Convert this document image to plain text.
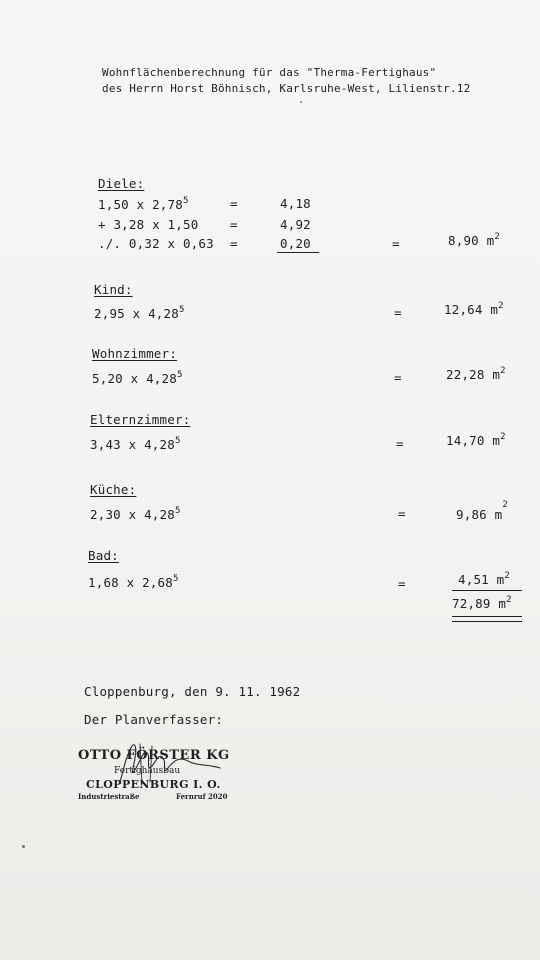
Wohnflächenberechnung für das "Therma-Fertighaus"
des Herrn Horst Böhnisch, Karlsruhe-West, Lilienstr.12
Diele:
1,50 x $2,78^5$	=	4,18
+ 3,28 x 1,50	=	4,92
./. 0,32 x 0,63 =	0,20	=	8,90 $m^2$
Kind:
2,95 x $4,28^5$	=	12,64 $m^2$
Wohnzimmer:
5,20 x $4,28^5$	=	22,28 $m^2$
Elternzimmer:
3,43 x $4,28^5$	=	14,70 $m^2$
Küche:
2,30 x $4,28^5$	=	9,86 $m^2$
Bad:
1,68 x $2,68^5$	=	4,51 $m^2$
72,89 $m^2$
Cloppenburg, den 9. 11. 1962
Der Planverfasser:
OTTO FÖRSTER KG
Fertighausbau
CLOPPENBURG I. O.
Industriestraße	Fernruf 2020
